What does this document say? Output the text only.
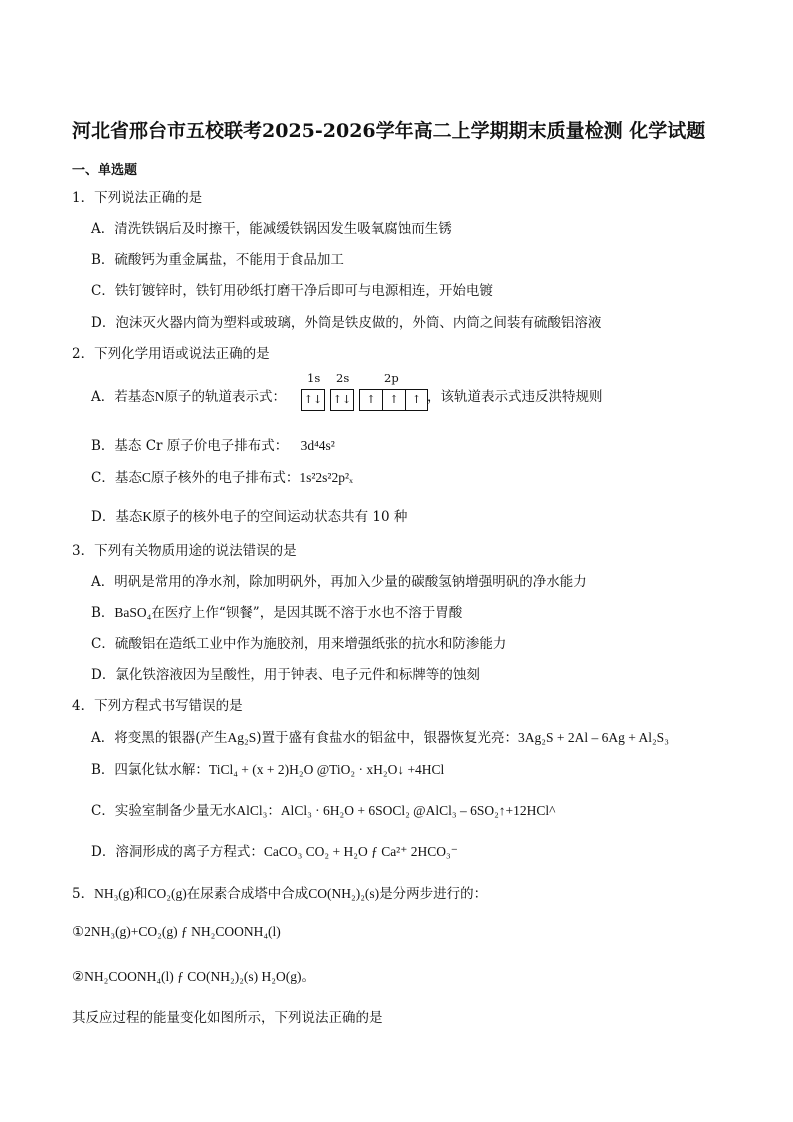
河北省邢台市五校联考2025-2026学年高二上学期期末质量检测 化学试题
一、单选题
1．下列说法正确的是
A．清洗铁锅后及时擦干，能减缓铁锅因发生吸氧腐蚀而生锈
B．硫酸钙为重金属盐，不能用于食品加工
C．铁钉镀锌时，铁钉用砂纸打磨干净后即可与电源相连，开始电镀
D．泡沫灭火器内筒为塑料或玻璃，外筒是铁皮做的，外筒、内筒之间装有硫酸铝溶液
2．下列化学用语或说法正确的是
A．若基态N原子的轨道表示式：
1s 2s	2p
↑↓ ↑↓	↑	↑	↑ ，该轨道表示式违反洪特规则
B．基态 Cr 原子价电子排布式： 3d⁴4s²
C．基态C原子核外的电子排布式：1s²2s²2p²ₓ
D．基态K原子的核外电子的空间运动状态共有 10 种
3．下列有关物质用途的说法错误的是
A．明矾是常用的净水剂，除加明矾外，再加入少量的碳酸氢钠增强明矾的净水能力
B．BaSO₄在医疗上作“钡餐”，是因其既不溶于水也不溶于胃酸
C．硫酸铝在造纸工业中作为施胶剂，用来增强纸张的抗水和防渗能力
D．氯化铁溶液因为呈酸性，用于钟表、电子元件和标牌等的蚀刻
4．下列方程式书写错误的是
A．将变黑的银器(产生Ag₂S)置于盛有食盐水的铝盆中，银器恢复光亮：3Ag₂S + 2Al – 6Ag + Al₂S₃
B．四氯化钛水解：TiCl₄ + (x + 2)H₂O @TiO₂ · xH₂O↓ +4HCl
C．实验室制备少量无水AlCl₃：AlCl₃ · 6H₂O + 6SOCl₂ @AlCl₃ – 6SO₂↑+12HCl^
D．溶洞形成的离子方程式：CaCO₃ CO₂ + H₂O ƒ Ca²⁺ 2HCO₃⁻
5．NH₃(g)和CO₂(g)在尿素合成塔中合成CO(NH₂)₂(s)是分两步进行的：
①2NH₃(g)+CO₂(g) ƒ NH₂COONH₄(l)
②NH₂COONH₄(l) ƒ CO(NH₂)₂(s) H₂O(g)。
其反应过程的能量变化如图所示，下列说法正确的是
